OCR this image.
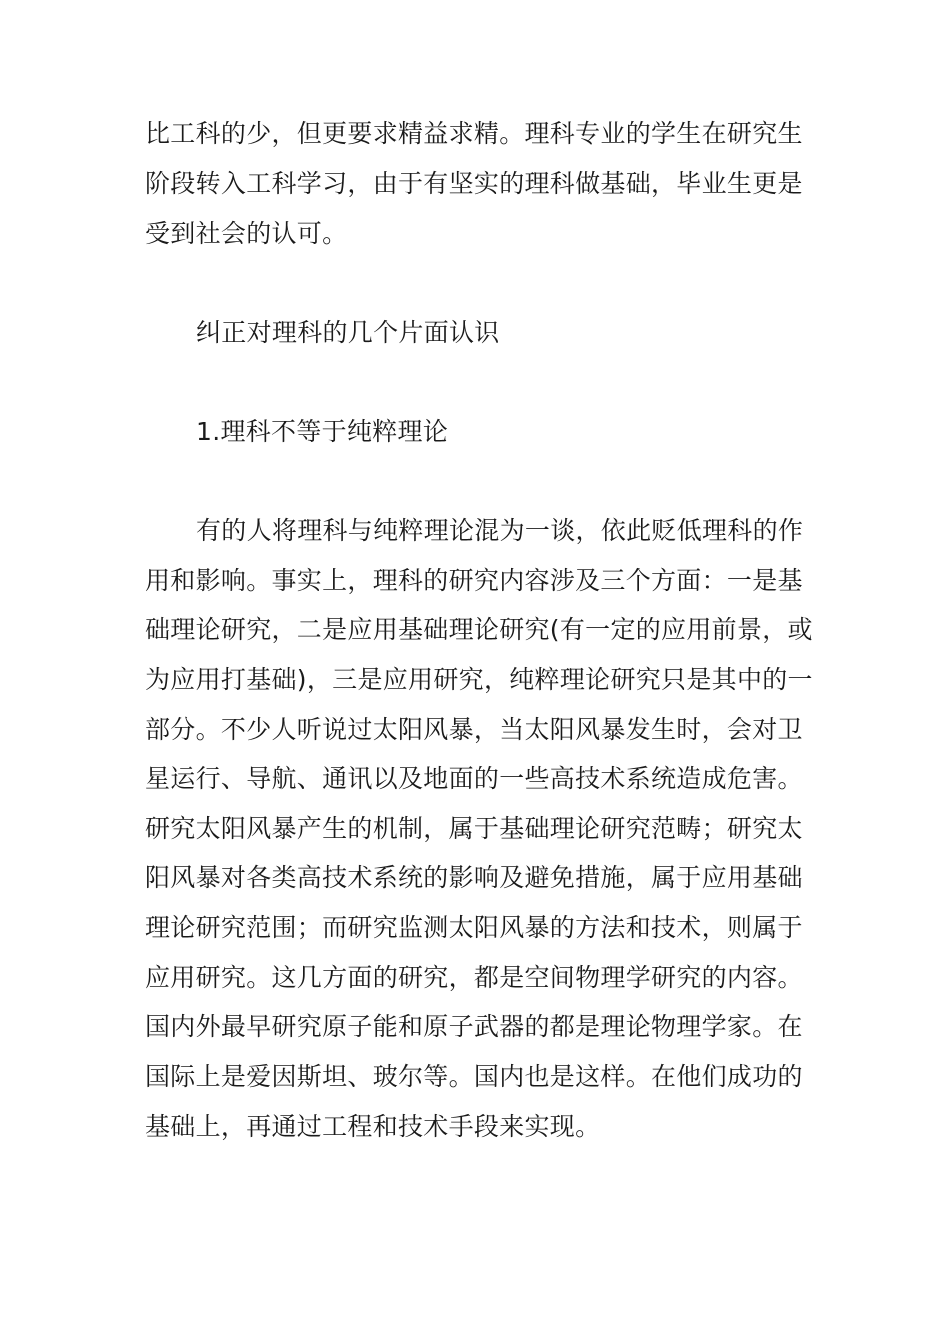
比工科的少，但更要求精益求精。理科专业的学生在研究生

阶段转入工科学习，由于有坚实的理科做基础，毕业生更是

受到社会的认可。

纠正对理科的几个片面认识

1.理科不等于纯粹理论

有的人将理科与纯粹理论混为一谈，依此贬低理科的作

用和影响。事实上，理科的研究内容涉及三个方面：一是基

础理论研究，二是应用基础理论研究(有一定的应用前景，或

为应用打基础)，三是应用研究，纯粹理论研究只是其中的一

部分。不少人听说过太阳风暴，当太阳风暴发生时，会对卫

星运行、导航、通讯以及地面的一些高技术系统造成危害。

研究太阳风暴产生的机制，属于基础理论研究范畴；研究太

阳风暴对各类高技术系统的影响及避免措施，属于应用基础

理论研究范围；而研究监测太阳风暴的方法和技术，则属于

应用研究。这几方面的研究，都是空间物理学研究的内容。

国内外最早研究原子能和原子武器的都是理论物理学家。在

国际上是爱因斯坦、玻尔等。国内也是这样。在他们成功的

基础上，再通过工程和技术手段来实现。
